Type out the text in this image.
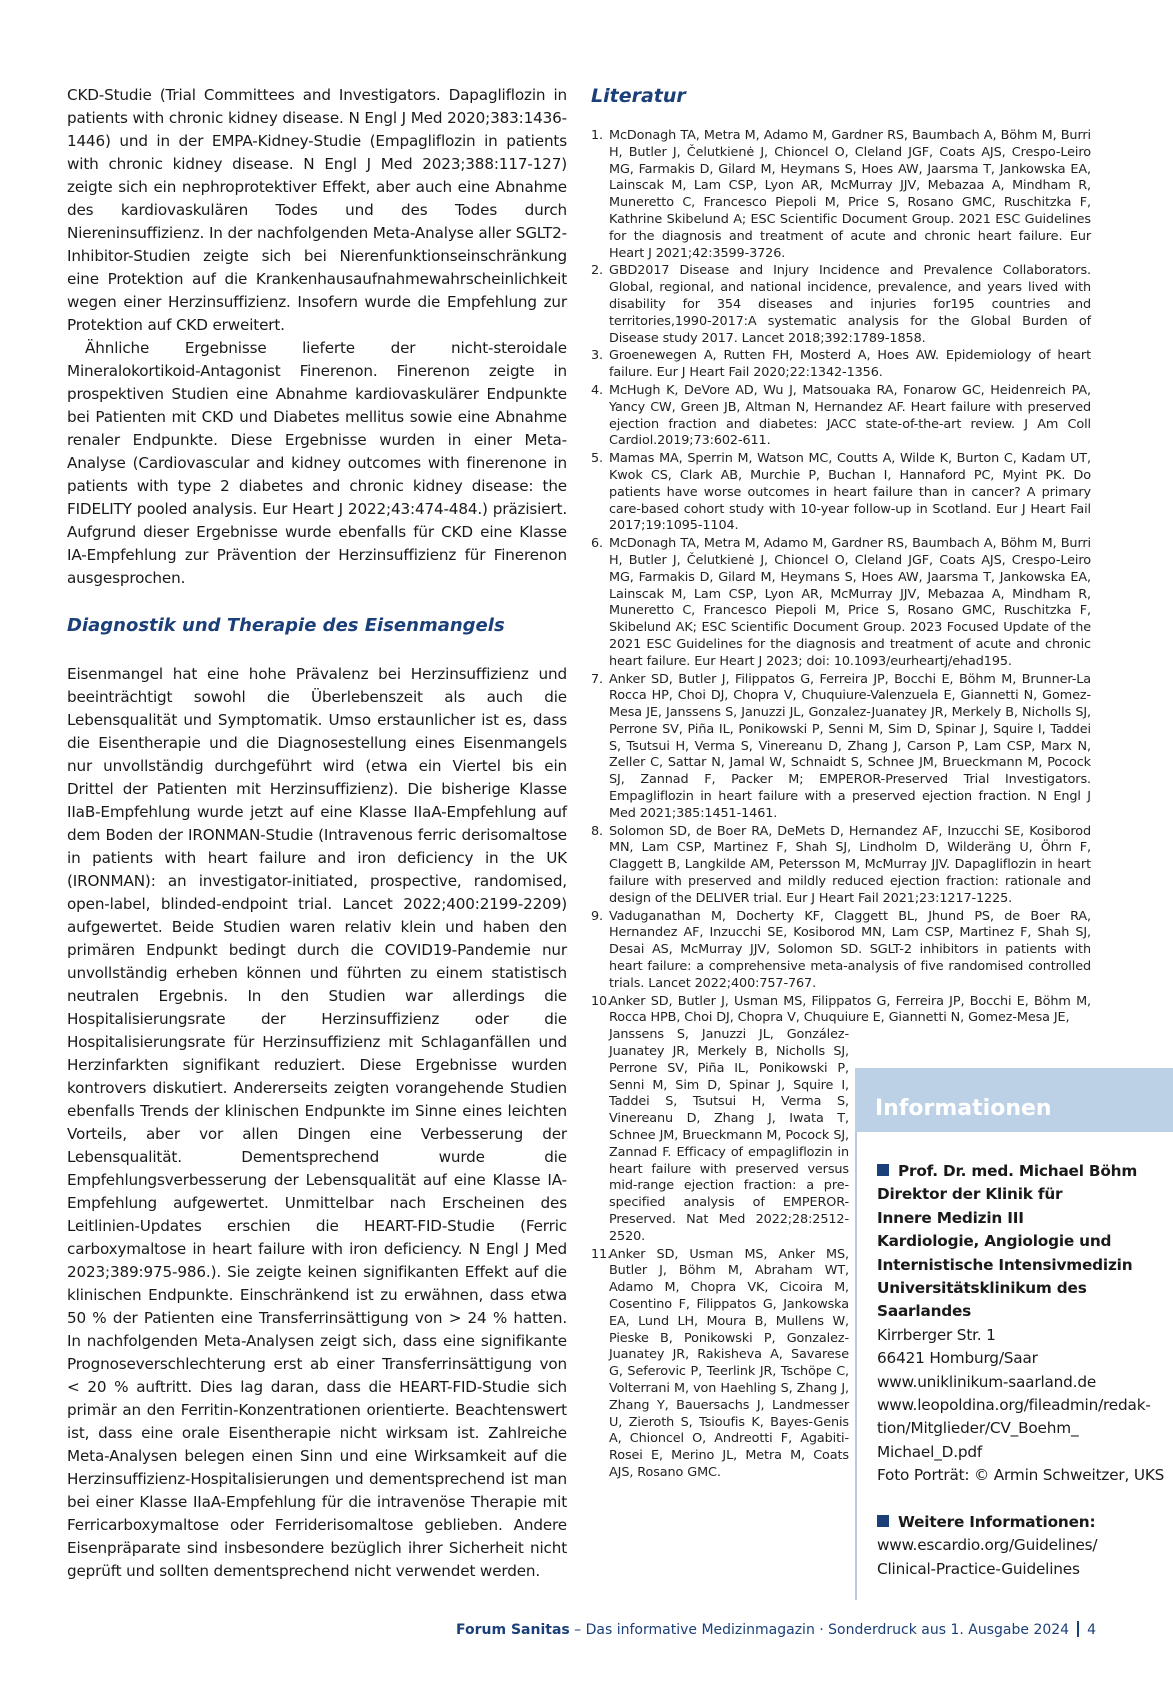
CKD-Studie (Trial Committees and Investigators. Dapagliflozin in patients with chronic kidney disease. N Engl J Med 2020;383:1436-1446) und in der EMPA-Kidney-Studie (Empagliflozin in patients with chronic kidney disease. N Engl J Med 2023;388:117-127) zeigte sich ein nephroprotektiver Effekt, aber auch eine Abnahme des kardiovaskulären Todes und des Todes durch Niereninsuffizienz. In der nachfolgenden Meta-Analyse aller SGLT2-Inhibitor-Studien zeigte sich bei Nierenfunktionseinschränkung eine Protektion auf die Krankenhausaufnahmewahrscheinlichkeit wegen einer Herzinsuffizienz. Insofern wurde die Empfehlung zur Protektion auf CKD erweitert.

Ähnliche Ergebnisse lieferte der nicht-steroidale Mineralokortikoid-Antagonist Finerenon. Finerenon zeigte in prospektiven Studien eine Abnahme kardiovaskulärer Endpunkte bei Patienten mit CKD und Diabetes mellitus sowie eine Abnahme renaler Endpunkte. Diese Ergebnisse wurden in einer Meta-Analyse (Cardiovascular and kidney outcomes with finerenone in patients with type 2 diabetes and chronic kidney disease: the FIDELITY pooled analysis. Eur Heart J 2022;43:474-484.) präzisiert. Aufgrund dieser Ergebnisse wurde ebenfalls für CKD eine Klasse IA-Empfehlung zur Prävention der Herzinsuffizienz für Finerenon ausgesprochen.

Diagnostik und Therapie des Eisenmangels

Eisenmangel hat eine hohe Prävalenz bei Herzinsuffizienz und beeinträchtigt sowohl die Überlebenszeit als auch die Lebensqualität und Symptomatik. Umso erstaunlicher ist es, dass die Eisentherapie und die Diagnosestellung eines Eisenmangels nur unvollständig durchgeführt wird (etwa ein Viertel bis ein Drittel der Patienten mit Herzinsuffizienz). Die bisherige Klasse IIaB-Empfehlung wurde jetzt auf eine Klasse IIaA-Empfehlung auf dem Boden der IRONMAN-Studie (Intravenous ferric derisomaltose in patients with heart failure and iron deficiency in the UK (IRONMAN): an investigator-initiated, prospective, randomised, open-label, blinded-endpoint trial. Lancet 2022;400:2199-2209) aufgewertet. Beide Studien waren relativ klein und haben den primären Endpunkt bedingt durch die COVID19-Pandemie nur unvollständig erheben können und führten zu einem statistisch neutralen Ergebnis. In den Studien war allerdings die Hospitalisierungsrate der Herzinsuffizienz oder die Hospitalisierungsrate für Herzinsuffizienz mit Schlaganfällen und Herzinfarkten signifikant reduziert. Diese Ergebnisse wurden kontrovers diskutiert. Andererseits zeigten vorangehende Studien ebenfalls Trends der klinischen Endpunkte im Sinne eines leichten Vorteils, aber vor allen Dingen eine Verbesserung der Lebensqualität. Dementsprechend wurde die Empfehlungsverbesserung der Lebensqualität auf eine Klasse IA-Empfehlung aufgewertet. Unmittelbar nach Erscheinen des Leitlinien-Updates erschien die HEART-FID-Studie (Ferric carboxymaltose in heart failure with iron deficiency. N Engl J Med 2023;389:975-986.). Sie zeigte keinen signifikanten Effekt auf die klinischen Endpunkte. Einschränkend ist zu erwähnen, dass etwa 50 % der Patienten eine Transferrinsättigung von > 24 % hatten. In nachfolgenden Meta-Analysen zeigt sich, dass eine signifikante Prognoseverschlechterung erst ab einer Transferrinsättigung von < 20 % auftritt. Dies lag daran, dass die HEART-FID-Studie sich primär an den Ferritin-Konzentrationen orientierte. Beachtenswert ist, dass eine orale Eisentherapie nicht wirksam ist. Zahlreiche Meta-Analysen belegen einen Sinn und eine Wirksamkeit auf die Herzinsuffizienz-Hospitalisierungen und dementsprechend ist man bei einer Klasse IIaA-Empfehlung für die intravenöse Therapie mit Ferricarboxymaltose oder Ferriderisomaltose geblieben. Andere Eisenpräparate sind insbesondere bezüglich ihrer Sicherheit nicht geprüft und sollten dementsprechend nicht verwendet werden.

Literatur
1. McDonagh TA, Metra M, Adamo M, Gardner RS, Baumbach A, Böhm M, Burri H, Butler J, Čelutkienė J, Chioncel O, Cleland JGF, Coats AJS, Crespo-Leiro MG, Farmakis D, Gilard M, Heymans S, Hoes AW, Jaarsma T, Jankowska EA, Lainscak M, Lam CSP, Lyon AR, McMurray JJV, Mebazaa A, Mindham R, Muneretto C, Francesco Piepoli M, Price S, Rosano GMC, Ruschitzka F, Kathrine Skibelund A; ESC Scientific Document Group. 2021 ESC Guidelines for the diagnosis and treatment of acute and chronic heart failure. Eur Heart J 2021;42:3599-3726.
2. GBD2017 Disease and Injury Incidence and Prevalence Collaborators. Global, regional, and national incidence, prevalence, and years lived with disability for 354 diseases and injuries for195 countries and territories,1990-2017:A systematic analysis for the Global Burden of Disease study 2017. Lancet 2018;392:1789-1858.
3. Groenewegen A, Rutten FH, Mosterd A, Hoes AW. Epidemiology of heart failure. Eur J Heart Fail 2020;22:1342-1356.
4. McHugh K, DeVore AD, Wu J, Matsouaka RA, Fonarow GC, Heidenreich PA, Yancy CW, Green JB, Altman N, Hernandez AF. Heart failure with preserved ejection fraction and diabetes: JACC state-of-the-art review. J Am Coll Cardiol.2019;73:602-611.
5. Mamas MA, Sperrin M, Watson MC, Coutts A, Wilde K, Burton C, Kadam UT, Kwok CS, Clark AB, Murchie P, Buchan I, Hannaford PC, Myint PK. Do patients have worse outcomes in heart failure than in cancer? A primary care-based cohort study with 10-year follow-up in Scotland. Eur J Heart Fail 2017;19:1095-1104.
6. McDonagh TA, Metra M, Adamo M, Gardner RS, Baumbach A, Böhm M, Burri H, Butler J, Čelutkienė J, Chioncel O, Cleland JGF, Coats AJS, Crespo-Leiro MG, Farmakis D, Gilard M, Heymans S, Hoes AW, Jaarsma T, Jankowska EA, Lainscak M, Lam CSP, Lyon AR, McMurray JJV, Mebazaa A, Mindham R, Muneretto C, Francesco Piepoli M, Price S, Rosano GMC, Ruschitzka F, Skibelund AK; ESC Scientific Document Group. 2023 Focused Update of the 2021 ESC Guidelines for the diagnosis and treatment of acute and chronic heart failure. Eur Heart J 2023; doi: 10.1093/eurheartj/ehad195.
7. Anker SD, Butler J, Filippatos G, Ferreira JP, Bocchi E, Böhm M, Brunner-La Rocca HP, Choi DJ, Chopra V, Chuquiure-Valenzuela E, Giannetti N, Gomez-Mesa JE, Janssens S, Januzzi JL, Gonzalez-Juanatey JR, Merkely B, Nicholls SJ, Perrone SV, Piña IL, Ponikowski P, Senni M, Sim D, Spinar J, Squire I, Taddei S, Tsutsui H, Verma S, Vinereanu D, Zhang J, Carson P, Lam CSP, Marx N, Zeller C, Sattar N, Jamal W, Schnaidt S, Schnee JM, Brueckmann M, Pocock SJ, Zannad F, Packer M; EMPEROR-Preserved Trial Investigators. Empagliflozin in heart failure with a preserved ejection fraction. N Engl J Med 2021;385:1451-1461.
8. Solomon SD, de Boer RA, DeMets D, Hernandez AF, Inzucchi SE, Kosiborod MN, Lam CSP, Martinez F, Shah SJ, Lindholm D, Wilderäng U, Öhrn F, Claggett B, Langkilde AM, Petersson M, McMurray JJV. Dapagliflozin in heart failure with preserved and mildly reduced ejection fraction: rationale and design of the DELIVER trial. Eur J Heart Fail 2021;23:1217-1225.
9. Vaduganathan M, Docherty KF, Claggett BL, Jhund PS, de Boer RA, Hernandez AF, Inzucchi SE, Kosiborod MN, Lam CSP, Martinez F, Shah SJ, Desai AS, McMurray JJV, Solomon SD. SGLT-2 inhibitors in patients with heart failure: a comprehensive meta-analysis of five randomised controlled trials. Lancet 2022;400:757-767.
10.
Anker SD, Butler J, Usman MS, Filippatos G, Ferreira JP, Bocchi E, Böhm M, Rocca HPB, Choi DJ, Chopra V, Chuquiure E, Giannetti N, Gomez-Mesa JE,
Janssens S, Januzzi JL, González-Juanatey JR, Merkely B, Nicholls SJ, Perrone SV, Piña IL, Ponikowski P, Senni M, Sim D, Spinar J, Squire I, Taddei S, Tsutsui H, Verma S, Vinereanu D, Zhang J, Iwata T, Schnee JM, Brueckmann M, Pocock SJ, Zannad F. Efficacy of empagliflozin in heart failure with preserved versus mid-range ejection fraction: a pre-specified analysis of EMPEROR-Preserved. Nat Med 2022;28:2512-2520.
11.
Anker SD, Usman MS, Anker MS, Butler J, Böhm M, Abraham WT, Adamo M, Chopra VK, Cicoira M, Cosentino F, Filippatos G, Jankowska EA, Lund LH, Moura B, Mullens W, Pieske B, Ponikowski P, Gonzalez-Juanatey JR, Rakisheva A, Savarese G, Seferovic P, Teerlink JR, Tschöpe C, Volterrani M, von Haehling S, Zhang J, Zhang Y, Bauersachs J, Landmesser U, Zieroth S, Tsioufis K, Bayes-Genis A, Chioncel O, Andreotti F, Agabiti-Rosei E, Merino JL, Metra M, Coats AJS, Rosano GMC.
Informationen
Prof. Dr. med. Michael Böhm
Direktor der Klinik für
Innere Medizin III
Kardiologie, Angiologie und
Internistische Intensivmedizin
Universitätsklinikum des Saarlandes
Kirrberger Str. 1
66421 Homburg/Saar
www.uniklinikum-saarland.de
www.leopoldina.org/fileadmin/redak-
tion/Mitglieder/CV_Boehm_
Michael_D.pdf
Foto Porträt: © Armin Schweitzer, UKS
Weitere Informationen:
www.escardio.org/Guidelines/
Clinical-Practice-Guidelines
Forum Sanitas – Das informative Medizinmagazin · Sonderdruck aus 1. Ausgabe 2024 4
